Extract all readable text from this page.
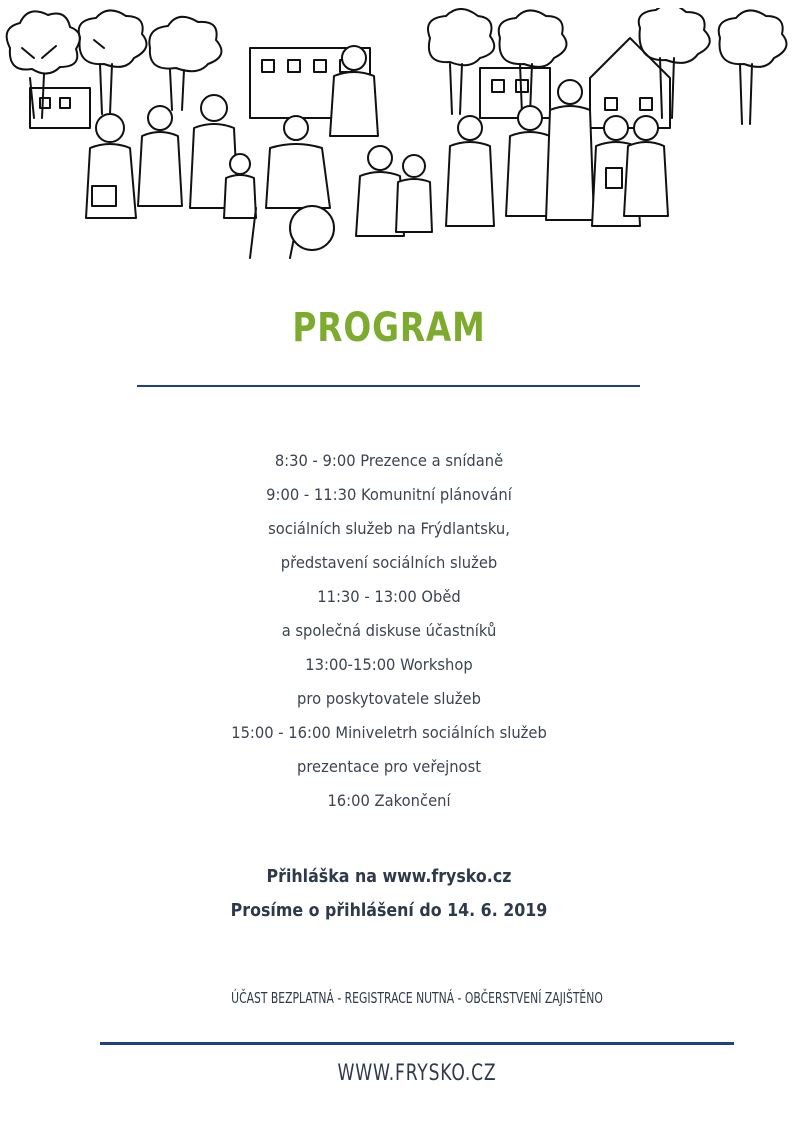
PROGRAM
8:30 - 9:00 Prezence a snídaně
9:00 - 11:30 Komunitní plánování
sociálních služeb na Frýdlantsku,
představení sociálních služeb
11:30 - 13:00 Oběd
a společná diskuse účastníků
13:00-15:00 Workshop
pro poskytovatele služeb
15:00 - 16:00 Miniveletrh sociálních služeb
prezentace pro veřejnost
16:00 Zakončení
Přihláška na www.frysko.cz
Prosíme o přihlášení do 14. 6. 2019
ÚČAST BEZPLATNÁ - REGISTRACE NUTNÁ - OBČERSTVENÍ ZAJIŠTĚNO
WWW.FRYSKO.CZ
